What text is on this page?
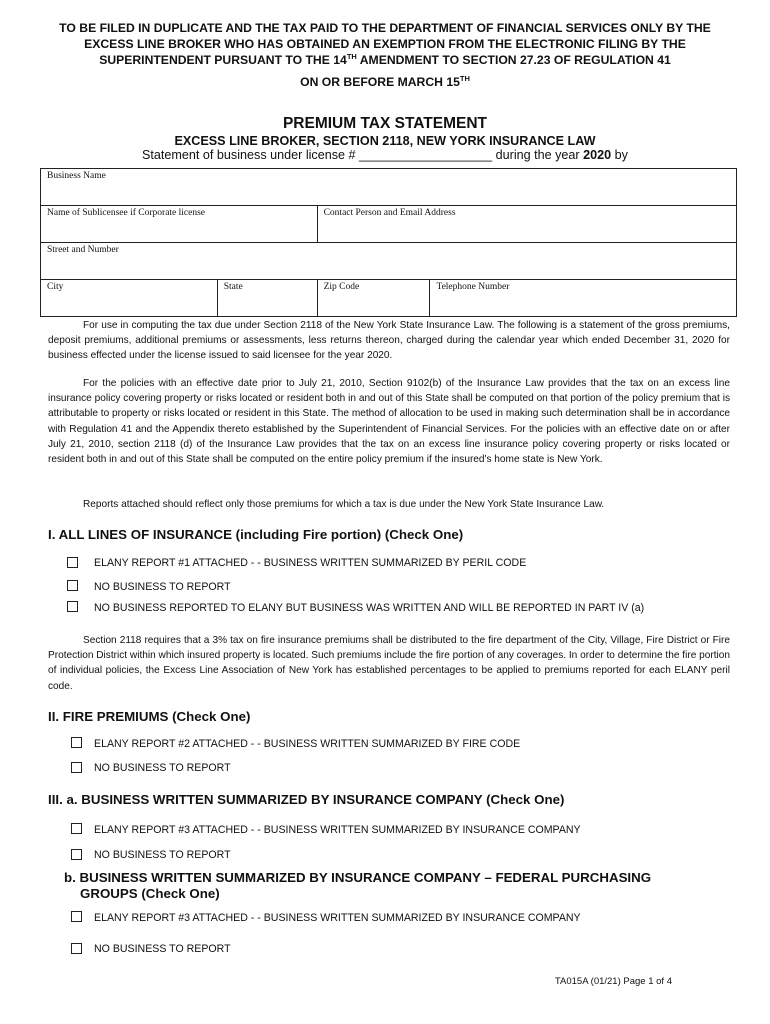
TO BE FILED IN DUPLICATE AND THE TAX PAID TO THE DEPARTMENT OF FINANCIAL SERVICES ONLY BY THE
EXCESS LINE BROKER WHO HAS OBTAINED AN EXEMPTION FROM THE ELECTRONIC FILING BY THE
SUPERINTENDENT PURSUANT TO THE 14TH AMENDMENT TO SECTION 27.23 OF REGULATION 41
ON OR BEFORE MARCH 15TH
PREMIUM TAX STATEMENT
EXCESS LINE BROKER, SECTION 2118, NEW YORK INSURANCE LAW
Statement of business under license # ___________________ during the year 2020 by
Business Name			
Name of Sublicensee if Corporate license		Contact Person and Email Address	
Street and Number			
City	State	Zip Code	Telephone Number

For use in computing the tax due under Section 2118 of the New York State Insurance Law. The following is a statement of the gross premiums, deposit premiums, additional premiums or assessments, less returns thereon, charged during the calendar year which ended December 31, 2020 for business effected under the license issued to said licensee for the year 2020.

For the policies with an effective date prior to July 21, 2010, Section 9102(b) of the Insurance Law provides that the tax on an excess line insurance policy covering property or risks located or resident both in and out of this State shall be computed on that portion of the policy premium that is attributable to property or risks located or resident in this State. The method of allocation to be used in making such determination shall be in accordance with Regulation 41 and the Appendix thereto established by the Superintendent of Financial Services. For the policies with an effective date on or after July 21, 2010, section 2118 (d) of the Insurance Law provides that the tax on an excess line insurance policy covering property or risks located or resident both in and out of this State shall be computed on the entire policy premium if the insured's home state is New York.

Reports attached should reflect only those premiums for which a tax is due under the New York State Insurance Law.

I. ALL LINES OF INSURANCE (including Fire portion) (Check One)
ELANY REPORT #1 ATTACHED - - BUSINESS WRITTEN SUMMARIZED BY PERIL CODE
NO BUSINESS TO REPORT
NO BUSINESS REPORTED TO ELANY BUT BUSINESS WAS WRITTEN AND WILL BE REPORTED IN PART IV (a)

Section 2118 requires that a 3% tax on fire insurance premiums shall be distributed to the fire department of the City, Village, Fire District or Fire Protection District within which insured property is located. Such premiums include the fire portion of any coverages. In order to determine the fire portion of individual policies, the Excess Line Association of New York has established percentages to be applied to premiums reported for each ELANY peril code.

II. FIRE PREMIUMS (Check One)
ELANY REPORT #2 ATTACHED - - BUSINESS WRITTEN SUMMARIZED BY FIRE CODE
NO BUSINESS TO REPORT
III. a. BUSINESS WRITTEN SUMMARIZED BY INSURANCE COMPANY (Check One)
ELANY REPORT #3 ATTACHED - - BUSINESS WRITTEN SUMMARIZED BY INSURANCE COMPANY
NO BUSINESS TO REPORT
b. BUSINESS WRITTEN SUMMARIZED BY INSURANCE COMPANY – FEDERAL PURCHASING
GROUPS (Check One)
ELANY REPORT #3 ATTACHED - - BUSINESS WRITTEN SUMMARIZED BY INSURANCE COMPANY
NO BUSINESS TO REPORT
TA015A (01/21) Page 1 of 4
